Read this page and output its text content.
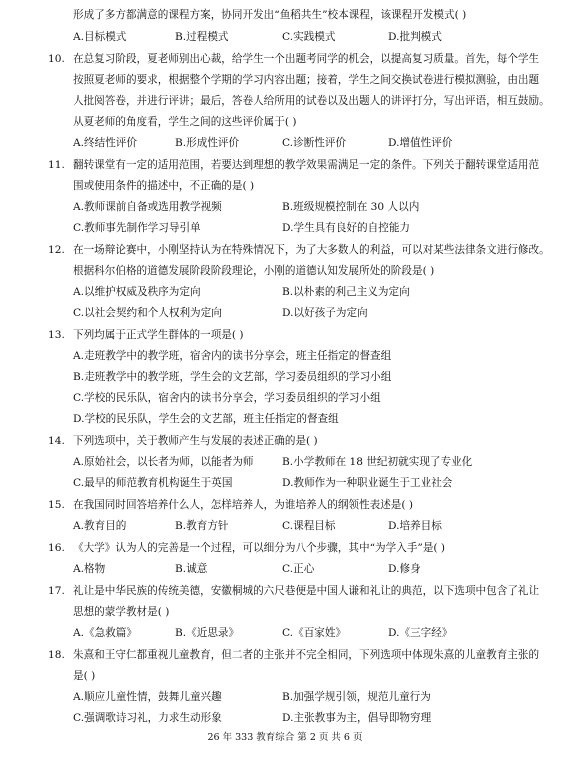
形成了多方都满意的课程方案，协同开发出“鱼稻共生”校本课程，该课程开发模式( )
A.目标模式	B.过程模式	C.实践模式	D.批判模式
10. 在总复习阶段，夏老师别出心裁，给学生一个出题考同学的机会，以提高复习质量。首先，每个学生
按照夏老师的要求，根据整个学期的学习内容出题；接着，学生之间交换试卷进行模拟测验，由出题
人批阅答卷，并进行评讲；最后，答卷人给所用的试卷以及出题人的讲评打分，写出评语，相互鼓励。
从夏老师的角度看，学生之间的这些评价属于( )
A.终结性评价	B.形成性评价	C.诊断性评价	D.增值性评价
11. 翻转课堂有一定的适用范围，若要达到理想的教学效果需满足一定的条件。下列关于翻转课堂适用范
围或使用条件的描述中，不正确的是( )
A.教师课前自备或选用教学视频	B.班级规模控制在 30 人以内
C.教师事先制作学习导引单	D.学生具有良好的自控能力
12. 在一场辩论赛中，小刚坚持认为在特殊情况下，为了大多数人的利益，可以对某些法律条文进行修改。
根据科尔伯格的道德发展阶段阶段理论，小刚的道德认知发展所处的阶段是( )
A.以维护权威及秩序为定向	B.以朴素的利己主义为定向
C.以社会契约和个人权利为定向	D.以好孩子为定向
13. 下列均属于正式学生群体的一项是( )
A.走班教学中的教学班，宿舍内的读书分享会，班主任指定的督查组
B.走班教学中的教学班，学生会的文艺部，学习委员组织的学习小组
C.学校的民乐队，宿舍内的读书分享会，学习委员组织的学习小组
D.学校的民乐队，学生会的文艺部，班主任指定的督查组
14. 下列选项中，关于教师产生与发展的表述正确的是( )
A.原始社会，以长者为师，以能者为师	B.小学教师在 18 世纪初就实现了专业化
C.最早的师范教育机构诞生于英国	D.教师作为一种职业诞生于工业社会
15. 在我国同时回答培养什么人，怎样培养人，为谁培养人的纲领性表述是( )
A.教育目的	B.教育方针	C.课程目标	D.培养目标
16. 《大学》认为人的完善是一个过程，可以细分为八个步骤，其中“为学入手”是( )
A.格物	B.诚意	C.正心	D.修身
17. 礼让是中华民族的传统美德，安徽桐城的六尺巷便是中国人谦和礼让的典范，以下选项中包含了礼让
思想的蒙学教材是( )
A.《急救篇》	B.《近思录》	C.《百家姓》	D.《三字经》
18. 朱熹和王守仁都重视儿童教育，但二者的主张并不完全相同，下列选项中体现朱熹的儿童教育主张的
是( )
A.顺应儿童性情，鼓舞儿童兴趣	B.加强学规引领，规范儿童行为
C.强调歌诗习礼，力求生动形象	D.主张教事为主，倡导即物穷理
26 年 333 教育综合 第 2 页 共 6 页
